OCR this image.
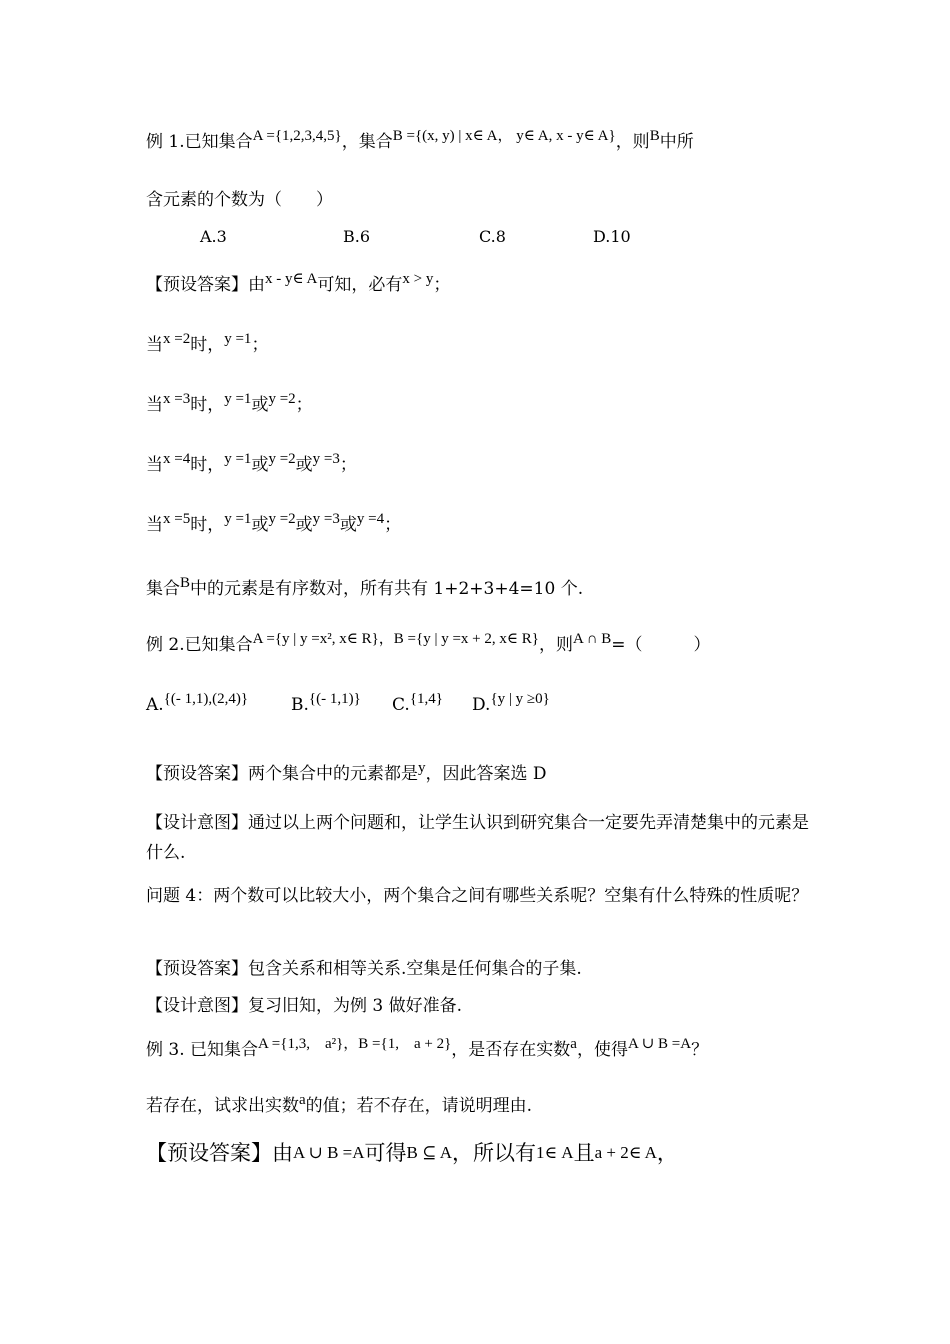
例 1.已知集合A ={1,2,3,4,5}，集合B ={(x, y) | x∈ A， y∈ A, x - y∈ A}，则B中所
含元素的个数为（　　）
A.3	B.6	C.8	D.10
【预设答案】由x - y∈ A可知，必有x > y；
当x =2时，y =1；
当x =3时，y =1或y =2；
当x =4时，y =1或y =2或y =3；
当x =5时，y =1或y =2或y =3或y =4；
集合B中的元素是有序数对，所有共有 1+2+3+4=10 个.
例 2.已知集合A ={y | y =x², x∈ R}，B ={y | y =x + 2, x∈ R}，则A ∩ B=（　　　）
A.{(- 1,1),(2,4)}	B.{(- 1,1)} C.{1,4} D.{y | y ≥0}
【预设答案】两个集合中的元素都是y，因此答案选 D
【设计意图】通过以上两个问题和，让学生认识到研究集合一定要先弄清楚集中的元素是什么.
问题 4：两个数可以比较大小，两个集合之间有哪些关系呢？空集有什么特殊的性质呢？
【预设答案】包含关系和相等关系.空集是任何集合的子集.
【设计意图】复习旧知，为例 3 做好准备.
例 3. 已知集合A ={1,3,　a²}，B ={1,　a + 2}，是否存在实数a，使得A ∪ B =A？
若存在，试求出实数a的值；若不存在，请说明理由.
【预设答案】由A ∪ B =A可得B ⊆ A，所以有1∈ A且a + 2∈ A，
